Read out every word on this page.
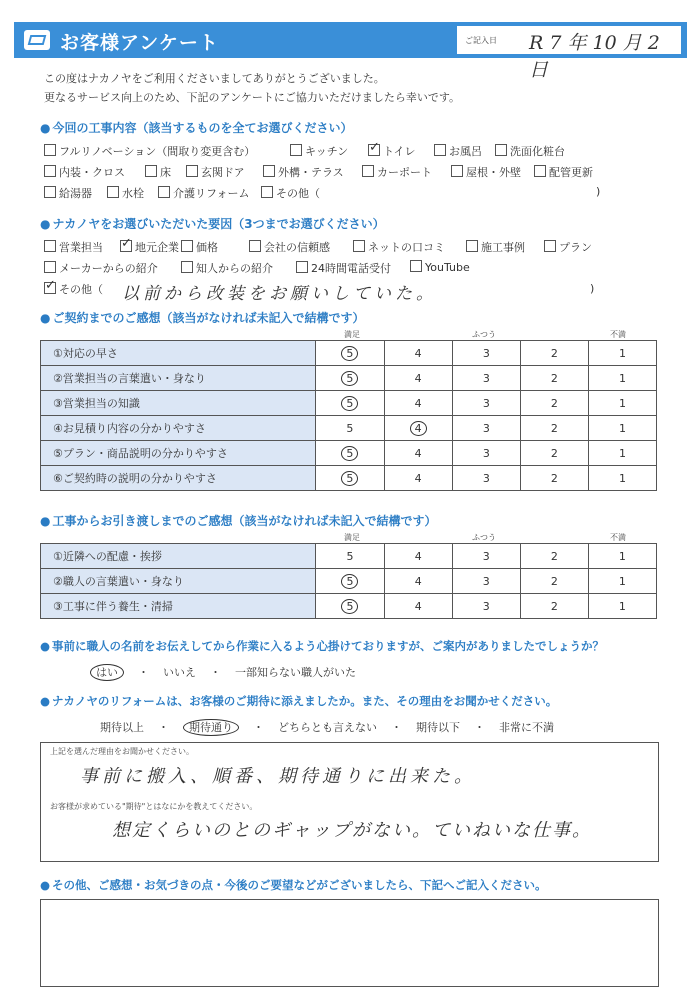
お客様アンケート	ご記入日 R 7 年 10 月 2 日
この度はナカノヤをご利用くださいましてありがとうございました。
更なるサービス向上のため、下記のアンケートにご協力いただけましたら幸いです。
● 今回の工事内容（該当するものを全てお選びください）
フルリノベーション（間取り変更含む）	キッチン ✓	トイレ	お風呂	洗面化粧台
内装・クロス	床	玄関ドア	外構・テラス	カーポート	屋根・外壁	配管更新
給湯器	水栓	介護リフォーム	その他（	)
● ナカノヤをお選びいただいた要因（3つまでお選びください）
営業担当 ✓	地元企業	価格	会社の信頼感	ネットの口コミ	施工事例	プラン
メーカーからの紹介	知人からの紹介	24時間電話受付	YouTube
✓その他（ 以前から改装をお願いしていた。	)
● ご契約までのご感想（該当がなければ未記入で結構です）
満足	ふつう	不満
①対応の早さ	5	4	3	2	1
②営業担当の言葉遣い・身なり	5	4	3	2	1
③営業担当の知識	5	4	3	2	1
④お見積り内容の分かりやすさ	5	4	3	2	1
⑤プラン・商品説明の分かりやすさ	5	4	3	2	1
⑥ご契約時の説明の分かりやすさ	5	4	3	2	1
● 工事からお引き渡しまでのご感想（該当がなければ未記入で結構です）
満足	ふつう	不満
①近隣への配慮・挨拶	5	4	3	2	1
②職人の言葉遣い・身なり	5	4	3	2	1
③工事に伴う養生・清掃	5	4	3	2	1
● 事前に職人の名前をお伝えしてから作業に入るよう心掛けておりますが、ご案内がありましたでしょうか？
はい ・ いいえ ・ 一部知らない職人がいた
● ナカノヤのリフォームは、お客様のご期待に添えましたか。また、その理由をお聞かせください。
期待以上 ・ 期待通り ・ どちらとも言えない ・ 期待以下 ・ 非常に不満
上記を選んだ理由をお聞かせください。
事前に搬入、順番、期待通りに出来た。
お客様が求めている"期待"とはなにかを教えてください。
想定くらいのとのギャップがない。ていねいな仕事。
● その他、ご感想・お気づきの点・今後のご要望などがございましたら、下記へご記入ください。
